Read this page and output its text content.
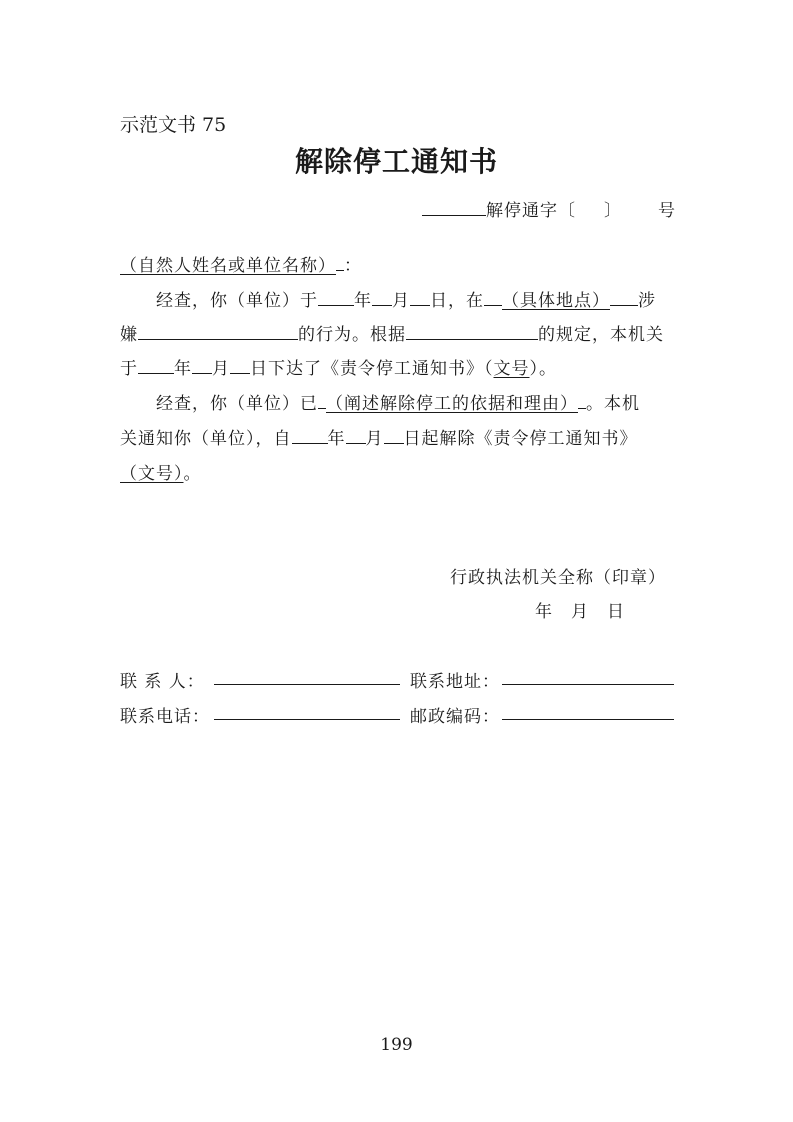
示范文书 75
解除停工通知书
解停通字〔 〕 号
（自然人姓名或单位名称） ：
经查，你（单位）于 年 月 日，在 （具体地点） 涉
嫌	的行为。根据	的规定，本机关
于 年 月 日下达了《责令停工通知书》（文号）。
经查，你（单位）已 （阐述解除停工的依据和理由） 。本机
关通知你（单位），自 年 月 日起解除《责令停工通知书》
（文号）。
行政执法机关全称（印章）
年　月　日
联 系 人：	联系地址：
联系电话：	邮政编码：
199
